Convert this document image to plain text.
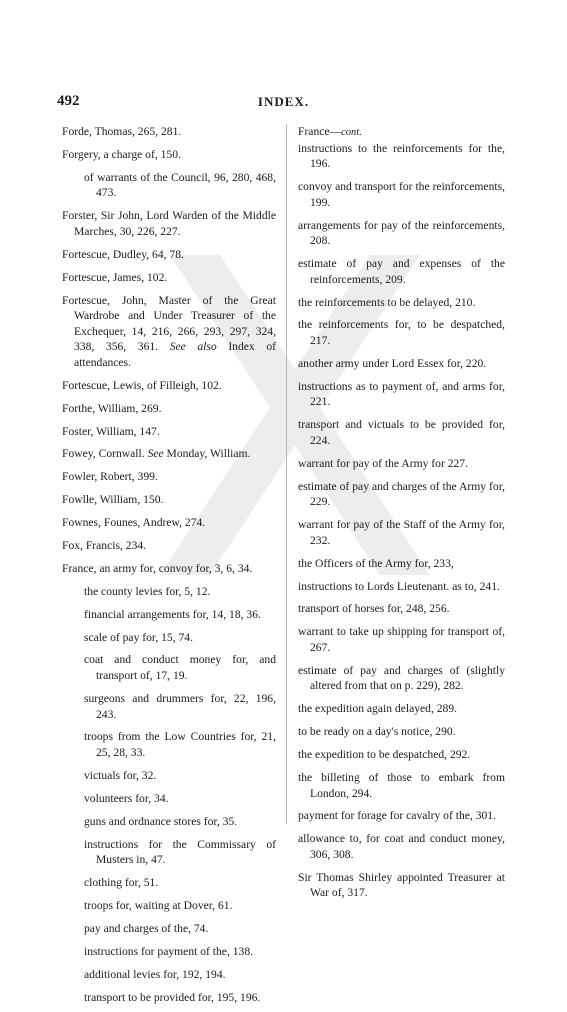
492	INDEX.
Forde, Thomas, 265, 281.
Forgery, a charge of, 150.
of warrants of the Council, 96, 280, 468, 473.
Forster, Sir John, Lord Warden of the Middle Marches, 30, 226, 227.
Fortescue, Dudley, 64, 78.
Fortescue, James, 102.
Fortescue, John, Master of the Great Wardrobe and Under Treasurer of the Exchequer, 14, 216, 266, 293, 297, 324, 338, 356, 361. See also Index of attendances.
Fortescue, Lewis, of Filleigh, 102.
Forthe, William, 269.
Foster, William, 147.
Fowey, Cornwall. See Monday, William.
Fowler, Robert, 399.
Fowlle, William, 150.
Fownes, Founes, Andrew, 274.
Fox, Francis, 234.
France, an army for, convoy for, 3, 6, 34.
the county levies for, 5, 12.
financial arrangements for, 14, 18, 36.
scale of pay for, 15, 74.
coat and conduct money for, and transport of, 17, 19.
surgeons and drummers for, 22, 196, 243.
troops from the Low Countries for, 21, 25, 28, 33.
victuals for, 32.
volunteers for, 34.
guns and ordnance stores for, 35.
instructions for the Commissary of Musters in, 47.
clothing for, 51.
troops for, waiting at Dover, 61.
pay and charges of the, 74.
instructions for payment of the, 138.
additional levies for, 192, 194.
transport to be provided for, 195, 196.
France—cont.
instructions to the reinforcements for the, 196.
convoy and transport for the reinforcements, 199.
arrangements for pay of the reinforcements, 208.
estimate of pay and expenses of the reinforcements, 209.
the reinforcements to be delayed, 210.
the reinforcements for, to be despatched, 217.
another army under Lord Essex for, 220.
instructions as to payment of, and arms for, 221.
transport and victuals to be provided for, 224.
warrant for pay of the Army for 227.
estimate of pay and charges of the Army for, 229.
warrant for pay of the Staff of the Army for, 232.
the Officers of the Army for, 233,
instructions to Lords Lieutenant. as to, 241.
transport of horses for, 248, 256.
warrant to take up shipping for transport of, 267.
estimate of pay and charges of (slightly altered from that on p. 229), 282.
the expedition again delayed, 289.
to be ready on a day's notice, 290.
the expedition to be despatched, 292.
the billeting of those to embark from London, 294.
payment for forage for cavalry of the, 301.
allowance to, for coat and conduct money, 306, 308.
Sir Thomas Shirley appointed Treasurer at War of, 317.
